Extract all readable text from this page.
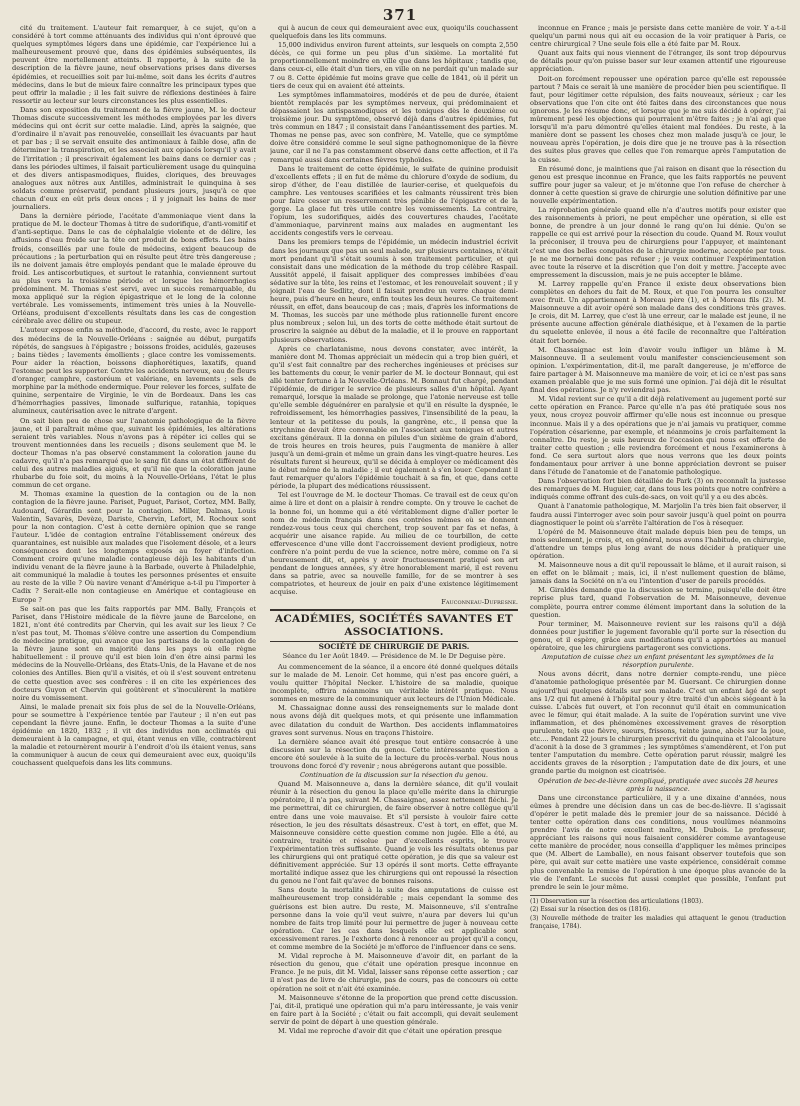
371

cité du traitement. L'auteur fait remarquer, à ce sujet, qu'on a considéré à tort comme atténuants des individus qui n'ont éprouvé que quelques symptômes légers dans une épidémie, car l'expérience lui a malheureusement prouvé que, dans des épidémies subséquentes, ils peuvent être mortellement atteints. Il rapporte, à la suite de la description de la fièvre jaune, neuf observations prises dans diverses épidémies, et recueillies soit par lui-même, soit dans les écrits d'autres médecins, dans le but de mieux faire connaître les principaux types que peut offrir la maladie ; il les fait suivre de réflexions destinées à faire ressortir au lecteur sur leurs circonstances les plus essentielles.

Dans son exposition du traitement de la fièvre jaune, M. le docteur Thomas discute successivement les méthodes employées par les divers médecins qui ont écrit sur cette maladie. Lind, après la saignée, que d'ordinaire il n'avait pas renouvelée, conseillait les évacuants par haut et par bas ; il se servait ensuite des antimoniaux à faible dose, afin de déterminer la transpiration, et les associait aux opiacés lorsqu'il y avait de l'irritation ; il prescrivait également les bains dans ce dernier cas ; dans les périodes ultimes, il faisait particulièrement usage du quinquina et des divers antispasmodiques, fluides, cloriques, des breuvages analogues aux nôtres aux Antilles, administrait le quinquina à ses soldats comme préservatif, pendant plusieurs jours, jusqu'à ce que chacun d'eux en eût pris deux onces ; il y joignait les bains de mer journaliers.

Dans la dernière période, l'acétate d'ammoniaque vient dans la pratique de M. le docteur Thomas à titre de sudorifique, d'anti-vomitif et d'anti-septique. Dans le cas de céphalalgie violente et de délire, les affusions d'eau froide sur la tête ont produit de bons effets. Les bains froids, conseillés par une foule de médecins, exigent beaucoup de précautions ; la perturbation qui en résulte peut être très dangereuse ; ils ne doivent jamais être employés pendant que le malade éprouve du froid. Les antiscorbutiques, et surtout le ratanhia, conviennent surtout au plus vers la troisième période et lorsque les hémorrhagies prédominent. M. Thomas s'est servi, avec un succès remarquable, du moxa appliqué sur la région épigastrique et le long de la colonne vertébrale. Les vomissements, intimement très unies à la Nouvelle-Orléans, produisent d'excellents résultats dans les cas de congestion cérébrale avec délire ou stupeur.

L'auteur expose enfin sa méthode, d'accord, du reste, avec le rapport des médecins de la Nouvelle-Orléans : saignée au début, purgatifs répétés, de sangsues à l'épigastre ; boissons froides, acidulés, gazeuses ; bains tièdes ; lavements émollients ; glace contre les vomissements. Pour aider la réaction, boissons diaphorétiques, laxatifs, quand l'estomac peut les supporter. Contre les accidents nerveux, eau de fleurs d'oranger, camphre, castoréum et valériane, en lavements ; sels de morphine par la méthode endermique. Pour relever les forces, sulfate de quinine, serpentaire de Virginie, le vin de Bordeaux. Dans les cas d'hémorrhagies passives, limonade sulfurique, ratanhia, topiques alumineux, cautérisation avec le nitrate d'argent.

On sait bien peu de chose sur l'anatomie pathologique de la fièvre jaune, et il paraîtrait même que, suivant les épidémies, les altérations seraient très variables. Nous n'avons pas à répéter ici celles qui se trouvent mentionnées dans les recueils ; disons seulement que M. le docteur Thomas n'a pas observé constamment la coloration jaune du cadavre, qu'il n'a pas remarqué que le sang fût dans un état différent de celui des autres maladies aiguës, et qu'il nie que la coloration jaune rhubarbe du foie soit, du moins à la Nouvelle-Orléans, l'état le plus commun de cet organe.

M. Thomas examine la question de la contagion ou de la non contagion de la fièvre jaune. Pariset, Puguet, Parisot, Cortez, MM. Bally, Audouard, Gérardin sont pour la contagion. Miller, Dalmas, Louis Valentin, Savarès, Devèze, Dariste, Chervin, Lefort, M. Rochoux sont pour la non contagion. C'est à cette dernière opinion que se range l'auteur. L'idée de contagion entraîne l'établissement onéreux des quarantaines, est nuisible aux malades que l'isolement désole, et a leurs conséquences dont les longtemps exposés au foyer d'infection. Comment croire qu'une maladie contagieuse déjà les habitants d'un individu venant de la fièvre jaune à la Barbade, ouverte à Philadelphie, ait communiqué la maladie à toutes les personnes présentes et ensuite au reste de la ville ? Où navire venant d'Amérique a-t-il pu l'importer à Cadix ? Serait-elle non contagieuse en Amérique et contagieuse en Europe ?

Se sait-on pas que les faits rapportés par MM. Bally, François et Pariset, dans l'Histoire médicale de la fièvre jaune de Barcelone, en 1821, n'ont été contredits par Chervin, qui les avait sur les lieux ? Ce n'est pas tout, M. Thomas s'élève contre une assertion du Compendium de médecine pratique, qui avance que les partisans de la contagion de la fièvre jaune sont en majorité dans les pays où elle règne habituellement : il prouve qu'il est bien loin d'en être ainsi parmi les médecins de la Nouvelle-Orléans, des États-Unis, de la Havane et de nos colonies des Antilles. Bien qu'il a visités, et où il s'est souvent entretenu de cette question avec ses confrères : il en cite les expériences des docteurs Guyon et Chervin qui goûtèrent et s'inoculèrent la matière noire du vomissement.

Ainsi, le malade prenait six fois plus de sel de la Nouvelle-Orléans, pour se soumettre à l'expérience tentée par l'auteur ; il n'en eut pas cependant la fièvre jaune. Enfin, le docteur Thomas a la suite d'une épidémie en 1820, 1832 ; il vit des individus non acclimatés qui demeuraient à la campagne, et qui, étant venus en ville, contractèrent la maladie et retournèrent mourir à l'endroit d'où ils étaient venus, sans la communiquer à aucun de ceux qui demeuraient avec eux, quoiqu'ils couchassent quelquefois dans les lits communs.

qui à aucun de ceux qui demeuraient avec eux, quoiqu'ils couchassent quelquefois dans les lits communs.

15,000 individus environ furent atteints, sur lesquels on compta 2,550 décès, ce qui forme un peu plus d'un sixième. La mortalité fut proportionnellement moindre en ville que dans les hôpitaux ; tandis que, dans ceux-ci, elle était d'un tiers, en ville on ne perdait qu'un malade sur 7 ou 8. Cette épidémie fut moins grave que celle de 1841, où il périt un tiers de ceux qui en avaient été atteints.

Les symptômes inflammatoires, modérés et de peu de durée, étaient bientôt remplacés par les symptômes nerveux, qui prédominaient et dépassaient les antispasmodiques et les toniques dès le deuxième ou troisième jour. Du symptôme, observé déjà dans d'autres épidémies, fut très commun en 1847 ; il consistait dans l'anéantissement des parties. M. Thomas ne pense pas, avec son confrère, M. Vatelle, que ce symptôme doive être considéré comme le seul signe pathognomonique de la fièvre jaune, car il ne l'a pas constamment observé dans cette affection, et il l'a remarqué aussi dans certaines fièvres typhoïdes.

Dans le traitement de cette épidémie, le sulfate de quinine produisit d'excellents effets ; il en fut de même du chlorure d'oxyde de sodium, du sirop d'éther, de l'eau distillée de laurier-cerise, et quelquefois du camphre. Les ventouses scarifiées et les calmants réussirent très bien pour faire cesser un resserrement très pénible de l'épigastre et de la gorge. La glace fut très utile contre les vomissements. La contraire, l'opium, les sudorifiques, aidés des couvertures chaudes, l'acétate d'ammoniaque, parvinrent mains aux malades en augmentant les accidents congestifs vers le cerveau.

Dans les premiers temps de l'épidémie, un médecin industriel écrivit dans les journaux que pas un seul malade, sur plusieurs centaines, n'était mort pendant qu'il s'était soumis à son traitement particulier, et qui consistait dans une médication de la méthode du trop célèbre Raspail. Aussitôt appelé, il faisait appliquer des compresses imbibées d'eau sédative sur la tête, les reins et l'estomac, et les renouvelait souvent ; il y joignait l'eau de Sedlitz, dont il faisait prendre un verre chaque demi-heure, puis d'heure en heure, enfin toutes les deux heures. Ce traitement réussit, en effet, dans beaucoup de cas ; mais, d'après les informations de M. Thomas, les succès par une méthode plus rationnelle furent encore plus nombreux ; selon lui, un des torts de cette méthode était surtout de proscrire la saignée au début de la maladie, et il le prouve en rapportant plusieurs observations.

Après ce charlatanisme, nous devons constater, avec intérêt, la manière dont M. Thomas appréciait un médecin qui a trop bien guéri, et qu'il s'est fait connaître par des recherches ingénieuses et précises sur les battements du cœur, le venir parler de M. le docteur Bonnaut, qui est allé tenter fortune à la Nouvelle-Orléans. M. Bonnaut fut chargé, pendant l'épidémie, de diriger le service de plusieurs salles d'un hôpital. Ayant remarqué, lorsque la malade se prolonge, que l'atonie nerveuse est telle qu'elle semble déguénérer en paralysie et qu'il en résulte la dyspnée, le refroidissement, les hémorrhagies passives, l'insensibilité de la peau, la lenteur et la petitesse du pouls, la gangrène, etc., il pensa que la strychnine devait être convenable en l'associant aux toniques et autres excitans généraux. Il la donna en pilules d'un sixième de grain d'abord, de trois heures en trois heures, puis l'augmenta de manière à aller jusqu'à un demi-grain et même un grain dans les vingt-quatre heures. Les résultats furent si heureux, qu'il se décida à employer ce médicament dès le début même de la maladie ; il eut également à s'en louer. Cependant il faut remarquer qu'alors l'épidémie touchait à sa fin, et que, dans cette période, la plupart des médications réussissent.

Tel est l'ouvrage de M. le docteur Thomas. Ce travail est de ceux qu'on aime à lire et dont on a plaisir à rendre compte. On y trouve le cachet de la bonne foi, un homme qui a été véritablement digne d'aller porter le nom de médecin français dans ces contrées mêmes où se donnent rendez-vous tous ceux qui cherchent, trop souvent par fas et nefas, à acquérir une aisance rapide. Au milieu de ce tourbillon, de cette effervescence d'une ville dont l'accroissement devient prodigieux, notre confrère n'a point perdu de vue la science, notre mère, comme on l'a si heureusement dit, et, après y avoir fructueusement pratiqué son art pendant de longues années, s'y être honorablement marié, il est revenu dans sa patrie, avec sa nouvelle famille, for de se montrer à ses compatriotes, et heureux de jouir en paix d'une existence légitimement acquise.

Fauconneau-Dufresne.

ACADÉMIES, SOCIÉTÉS SAVANTES ET ASSOCIATIONS.
SOCIÉTÉ DE CHIRURGIE DE PARIS.
Séance du 1er Août 1849. — Présidence de M. le Dr Deguise père.

Au commencement de la séance, il a encore été donné quelques détails sur le malade de M. Lenoir. Cet homme, qui n'est pas encore guéri, a voulu quitter l'hôpital Necker. L'histoire de sa maladie, quoique incomplète, offrira néanmoins un véritable intérêt pratique. Nous sommes en mesure de la communiquer aux lecteurs de l'Union Médicale.

M. Chassaignac donne aussi des renseignements sur le malade dont nous avons déjà dit quelques mots, et qui présente une inflammation avec dilatation du conduit de Warthon. Des accidents inflammatoires graves sont survenus. Nous en traçons l'histoire.

La dernière séance avait été presque tout entière consacrée à une discussion sur la résection du genou. Cette intéressante question a encore été soulevée à la suite de la lecture du procès-verbal. Nous nous trouvons donc forcé d'y revenir ; nous abrégerons autant que possible.

Continuation de la discussion sur la résection du genou.

Quand M. Maisonneuve a, dans la dernière séance, dit qu'il voulait réunir à la résection du genou la place qu'elle mérite dans la chirurgie opératoire, il n'a pas, suivant M. Chassaignac, assez nettement fléchi. Je me permettrai, dit ce chirurgien, de faire observer à notre collègue qu'il entre dans une voie mauvaise. Et s'il persiste à vouloir faire cette résection, le jeu des résultats désastreux. C'est à tort, en effet, que M. Maisonneuve considère cette question comme non jugée. Elle a été, au contraire, traitée et résolue par d'excellents esprits, le trouve l'expérimentation très suffisante. Quand je vois les résultats obtenus par les chirurgiens qui ont pratiqué cette opération, je dis que sa valeur est définitivement appréciée. Sur 13 opérés il sont morts. Cette effrayante mortalité indique assez que les chirurgiens qui ont repoussé la résection du genou ne l'ont fait qu'avec de bonnes raisons.

Sans doute la mortalité à la suite des amputations de cuisse est malheureusement trop considérable ; mais cependant la somme des guérisons est bien autre. Du reste, M. Maisonneuve, s'il s'entraîne personne dans la voie qu'il veut suivre, n'aura par devers lui qu'un nombre de faits trop limité pour lui permettre de juger à nouveau cette opération. Car les cas dans lesquels elle est applicable sont excessivement rares. Je l'exhorte donc à renoncer au projet qu'il a conçu, et comme membre de la Société je m'efforce de l'influencer dans ce sens.

M. Vidal reproche à M. Maisonneuve d'avoir dit, en parlant de la résection du genou, que c'était une opération presque inconnue en France. Je ne puis, dit M. Vidal, laisser sans réponse cette assertion ; car il n'est pas de livre de chirurgie, pas de cours, pas de concours où cette opération ne soit et n'ait été examinée.

M. Maisonneuve s'étonne de la proportion que prend cette discussion. J'ai, dit-il, pratiqué une opération qui m'a paru intéressante, je vais venir en faire part à la Société ; c'était ou fait accompli, qui devait seulement servir de point de départ à une question générale.

M. Vidal me reproche d'avoir dit que c'était une opération presque

inconnue en France ; mais je persiste dans cette manière de voir. Y a-t-il quelqu'un parmi nous qui ait eu occasion de la voir pratiquer à Paris, ce centre chirurgical ? Une seule fois elle a été faite par M. Roux.

Quant aux faits qui nous viennent de l'étranger, ils sont trop dépourvus de détails pour qu'on puisse baser sur leur examen attentif une rigoureuse appréciation.

Doit-on forcément repousser une opération parce qu'elle est repoussée partout ? Mais ce serait là une manière de procéder bien peu scientifique. Il faut, pour légitimer cette répulsion, des faits nouveaux, sérieux ; car les observations que l'on cite ont été faites dans des circonstances que nous ignorons. Je les résume donc, et lorsque que je me suis décidé à opérer, j'ai mûrement pesé les objections qui pourraient m'être faites ; je n'ai agi que lorsqu'il m'a paru démontré qu'elles étaient mal fondées. Du reste, à la manière dont se passent les choses chez mon malade jusqu'à ce jour, le nouveau après l'opération, je dois dire que je ne trouve pas à la résection des suites plus graves que celles que l'on remarque après l'amputation de la cuisse.

En résumé donc, je maintiens que j'ai raison en disant que la résection du genou est presque inconnue en France, que les faits rapportés ne peuvent suffire pour juger sa valeur, et je m'étonne que l'on refuse de chercher à donner à cette question si grave de chirurgie une solution définitive par une nouvelle expérimentation.

La réprobation générale quand elle n'a d'autres motifs pour exister que des raisonnements à priori, ne peut empêcher une opération, si elle est bonne, de prendre à un jour donné le rang qu'on lui dénie. Qu'on se rappelle ce qui est arrivé pour la résection du coude. Quand M. Roux voulut la préconiser, il trouva peu de chirurgiens pour l'appuyer, et maintenant c'est une des belles conquêtes de la chirurgie moderne, acceptée par tous. Je ne me bornerai donc pas refuser ; je veux continuer l'expérimentation avec toute la réserve et la discrétion que l'on doit y mettre. J'accepte avec empressement la discussion, mais je ne puis accepter le blâme.

M. Larrey rappelle qu'en France il existe deux observations bien complètes en dehors du fait de M. Roux, et que l'on pourra les consulter avec fruit. Un appartiennent à Moreau père (1), et à Moreau fils (2). M. Maisonneuve a dit avoir opéré son malade dans des conditions très graves. Je crois, dit M. Larrey, que c'est là une erreur, car le malade est jeune, il ne présente aucune affection générale diathésique, et à l'examen de la partie du squelette enlevée, il nous a été facile de reconnaître que l'altération était fort bornée.

M. Chassaignac est loin d'avoir voulu infliger un blâme à M. Maisonneuve. Il a seulement voulu manifester consciencieusement son opinion. L'expérimentation, dit-il, me paraît dangereuse, je m'efforce de faire partager à M. Maisonneuve ma manière de voir, et ici ce n'est pas sans examen préalable que je me suis formé une opinion. J'ai déjà dit le résultat final des opérations. Je n'y reviendrai pas.

M. Vidal revient sur ce qu'il a dit déjà relativement au jugement porté sur cette opération en France. Parce qu'elle n'a pas été pratiquée sous nos yeux, nous croyez pouvoir affirmer qu'elle nous est inconnue ou presque inconnue. Mais il y a des opérations que je n'ai jamais vu pratiquer, comme l'opération césarienne, par exemple, et néanmoins je crois parfaitement la connaître. Du reste, je suis heureux de l'occasion qui nous est offerte de traiter cette question ; elle reviendra forcément et nous l'examinerons à fond. Ce sera surtout alors que nous verrons que les deux points fondamentaux pour arriver à une bonne appréciation devront se puiser dans l'étude de l'anatomie et de l'anatomie pathologique.

Dans l'observation fort bien détaillée de Park (3) on reconnaît la justesse des remarques de M. Huguier, car, dans tous les points que notre confrère a indiqués comme offrant des culs-de-sacs, on voit qu'il y a eu des abcès.

Quant à l'anatomie pathologique, M. Marjolin l'a très bien fait observer, il faudra aussi l'interroger avec soin pour savoir jusqu'à quel point on pourra diagnostiquer le point où s'arrête l'altération de l'os à résequer.

L'opéré de M. Maisonneuve était malade depuis bien peu de temps, un mois seulement, je crois, et, en général, nous avons l'habitude, en chirurgie, d'attendre un temps plus long avant de nous décider à pratiquer une opération.

M. Maisonneuve nous a dit qu'il repoussait le blâme, et il aurait raison, si en effet on le blâmait ; mais, ici, il n'est nullement question de blâme, jamais dans la Société on n'a eu l'intention d'user de pareils procédés.

M. Giraldès demande que la discussion se termine, puisqu'elle doit être reprise plus tard, quand l'observation de M. Maisonneuve, devenue complète, pourra entrer comme élément important dans la solution de la question.

Pour terminer, M. Maisonneuve revient sur les raisons qu'il a déjà données pour justifier le jugement favorable qu'il porte sur la résection du genou, et il espère, grâce aux modifications qu'il a apportées au manuel opératoire, que les chirurgiens partageront ses convictions.

Amputation de cuisse chez un enfant présentant les symptômes de la résorption purulente.

Nous avons décrit, dans notre dernier compte-rendu, une pièce d'anatomie pathologique présentée par M. Guersant. Ce chirurgien donne aujourd'hui quelques détails sur son malade. C'est un enfant âgé de sept ans 1/2 qui fut amené à l'hôpital pour y être traité d'un abcès siégeant à la cuisse. L'abcès fut ouvert, et l'on reconnut qu'il était en communication avec le fémur, qui était malade. A la suite de l'opération survint une vive inflammation, et des phénomènes excessivement graves de résorption purulente, tels que fièvre, sueurs, frissons, teinte jaune, abcès sur la joue, etc.... Pendant 22 jours le chirurgien prescrivit du quinquina et l'alcoolature d'aconit à la dose de 3 grammes ; les symptômes s'amendèrent, et l'on put tenter l'amputation du membre. Cette opération parut réussir, malgré les accidents graves de la résorption ; l'amputation date de dix jours, et une grande partie du moignon est cicatrisée.

Opération de bec-de-lièvre compliqué, pratiquée avec succès 28 heures après la naissance.

Dans une circonstance particulière, il y a une dixaine d'années, nous eûmes à prendre une décision dans un cas de bec-de-lièvre. Il s'agissait d'opérer le petit malade dès le premier jour de sa naissance. Décidé à tenter cette opération dans ces conditions, nous voulûmes néanmoins prendre l'avis de notre excellent maître, M. Dubois. Le professeur, appréciant les raisons qui nous faisaient considérer comme avantageuse cette manière de procéder, nous conseilla d'appliquer les mêmes principes que (M. Albert de Lamballe), en nous faisant observer toutefois que son père, qui avait sur cette matière une vaste expérience, considérait comme plus convenable la remise de l'opération à une époque plus avancée de la vie de l'enfant. Le succès fut aussi complet que possible, l'enfant put prendre le sein le jour même.

(1) Observation sur la résection des articulations (1803).

(2) Essai sur la résection des os (1816).

(3) Nouvelle méthode de traiter les maladies qui attaquent le genou (traduction française, 1784).
